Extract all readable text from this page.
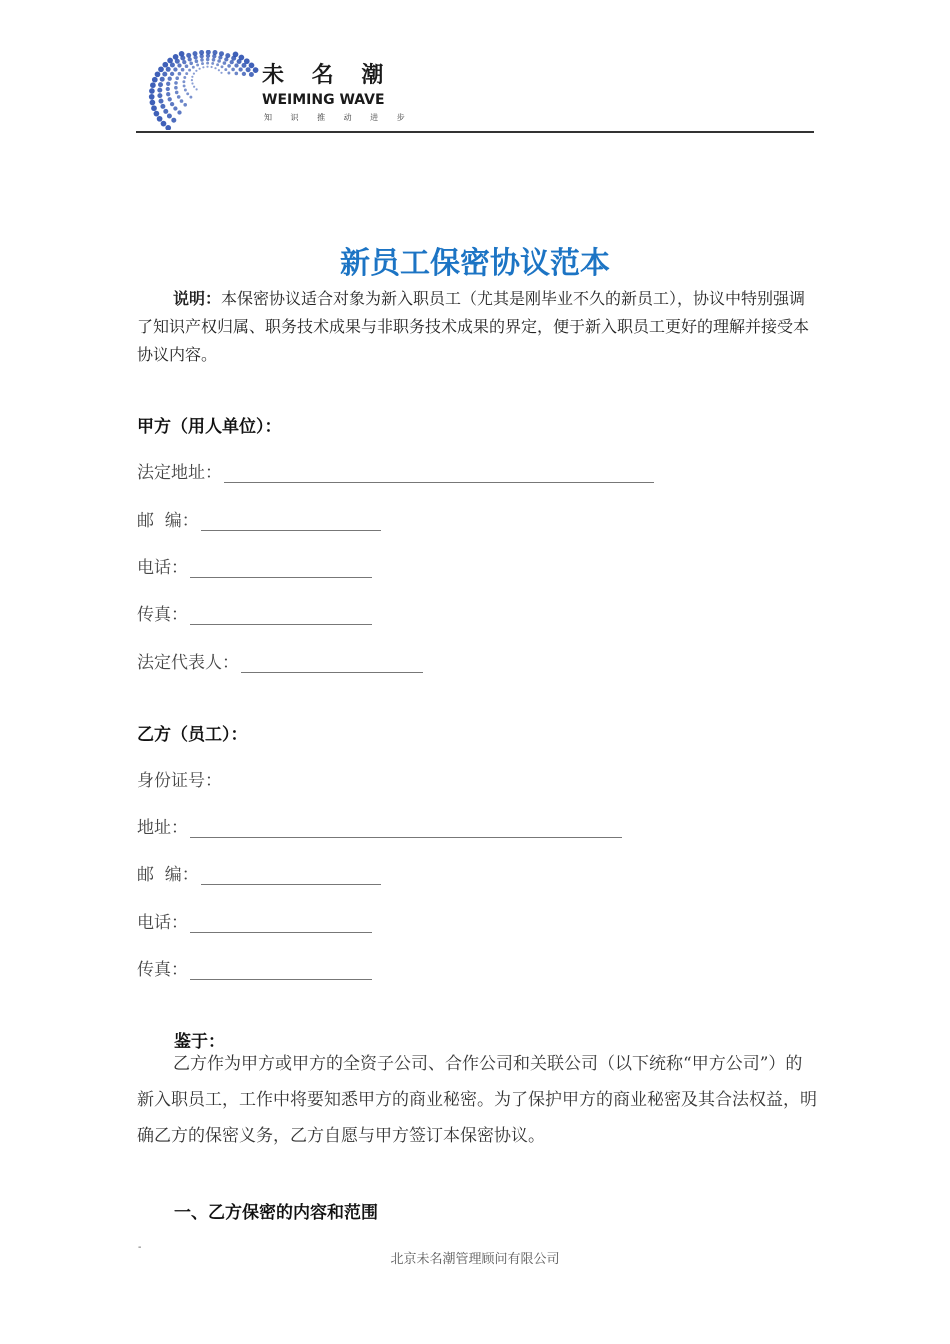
未 名 潮
WEIMING WAVE
知 识 推 动 进 步
新员工保密协议范本
说明：本保密协议适合对象为新入职员工（尤其是刚毕业不久的新员工），协议中特别强调了知识产权归属、职务技术成果与非职务技术成果的界定，便于新入职员工更好的理解并接受本协议内容。
甲方（用人单位）：
法定地址：
邮  编：
电话：
传真：
法定代表人：
乙方（员工）：
身份证号：
地址：
邮  编：
电话：
传真：
鉴于：
乙方作为甲方或甲方的全资子公司、合作公司和关联公司（以下统称“甲方公司”）的新入职员工，工作中将要知悉甲方的商业秘密。为了保护甲方的商业秘密及其合法权益，明确乙方的保密义务，乙方自愿与甲方签订本保密协议。
一、乙方保密的内容和范围
-
北京未名潮管理顾问有限公司
